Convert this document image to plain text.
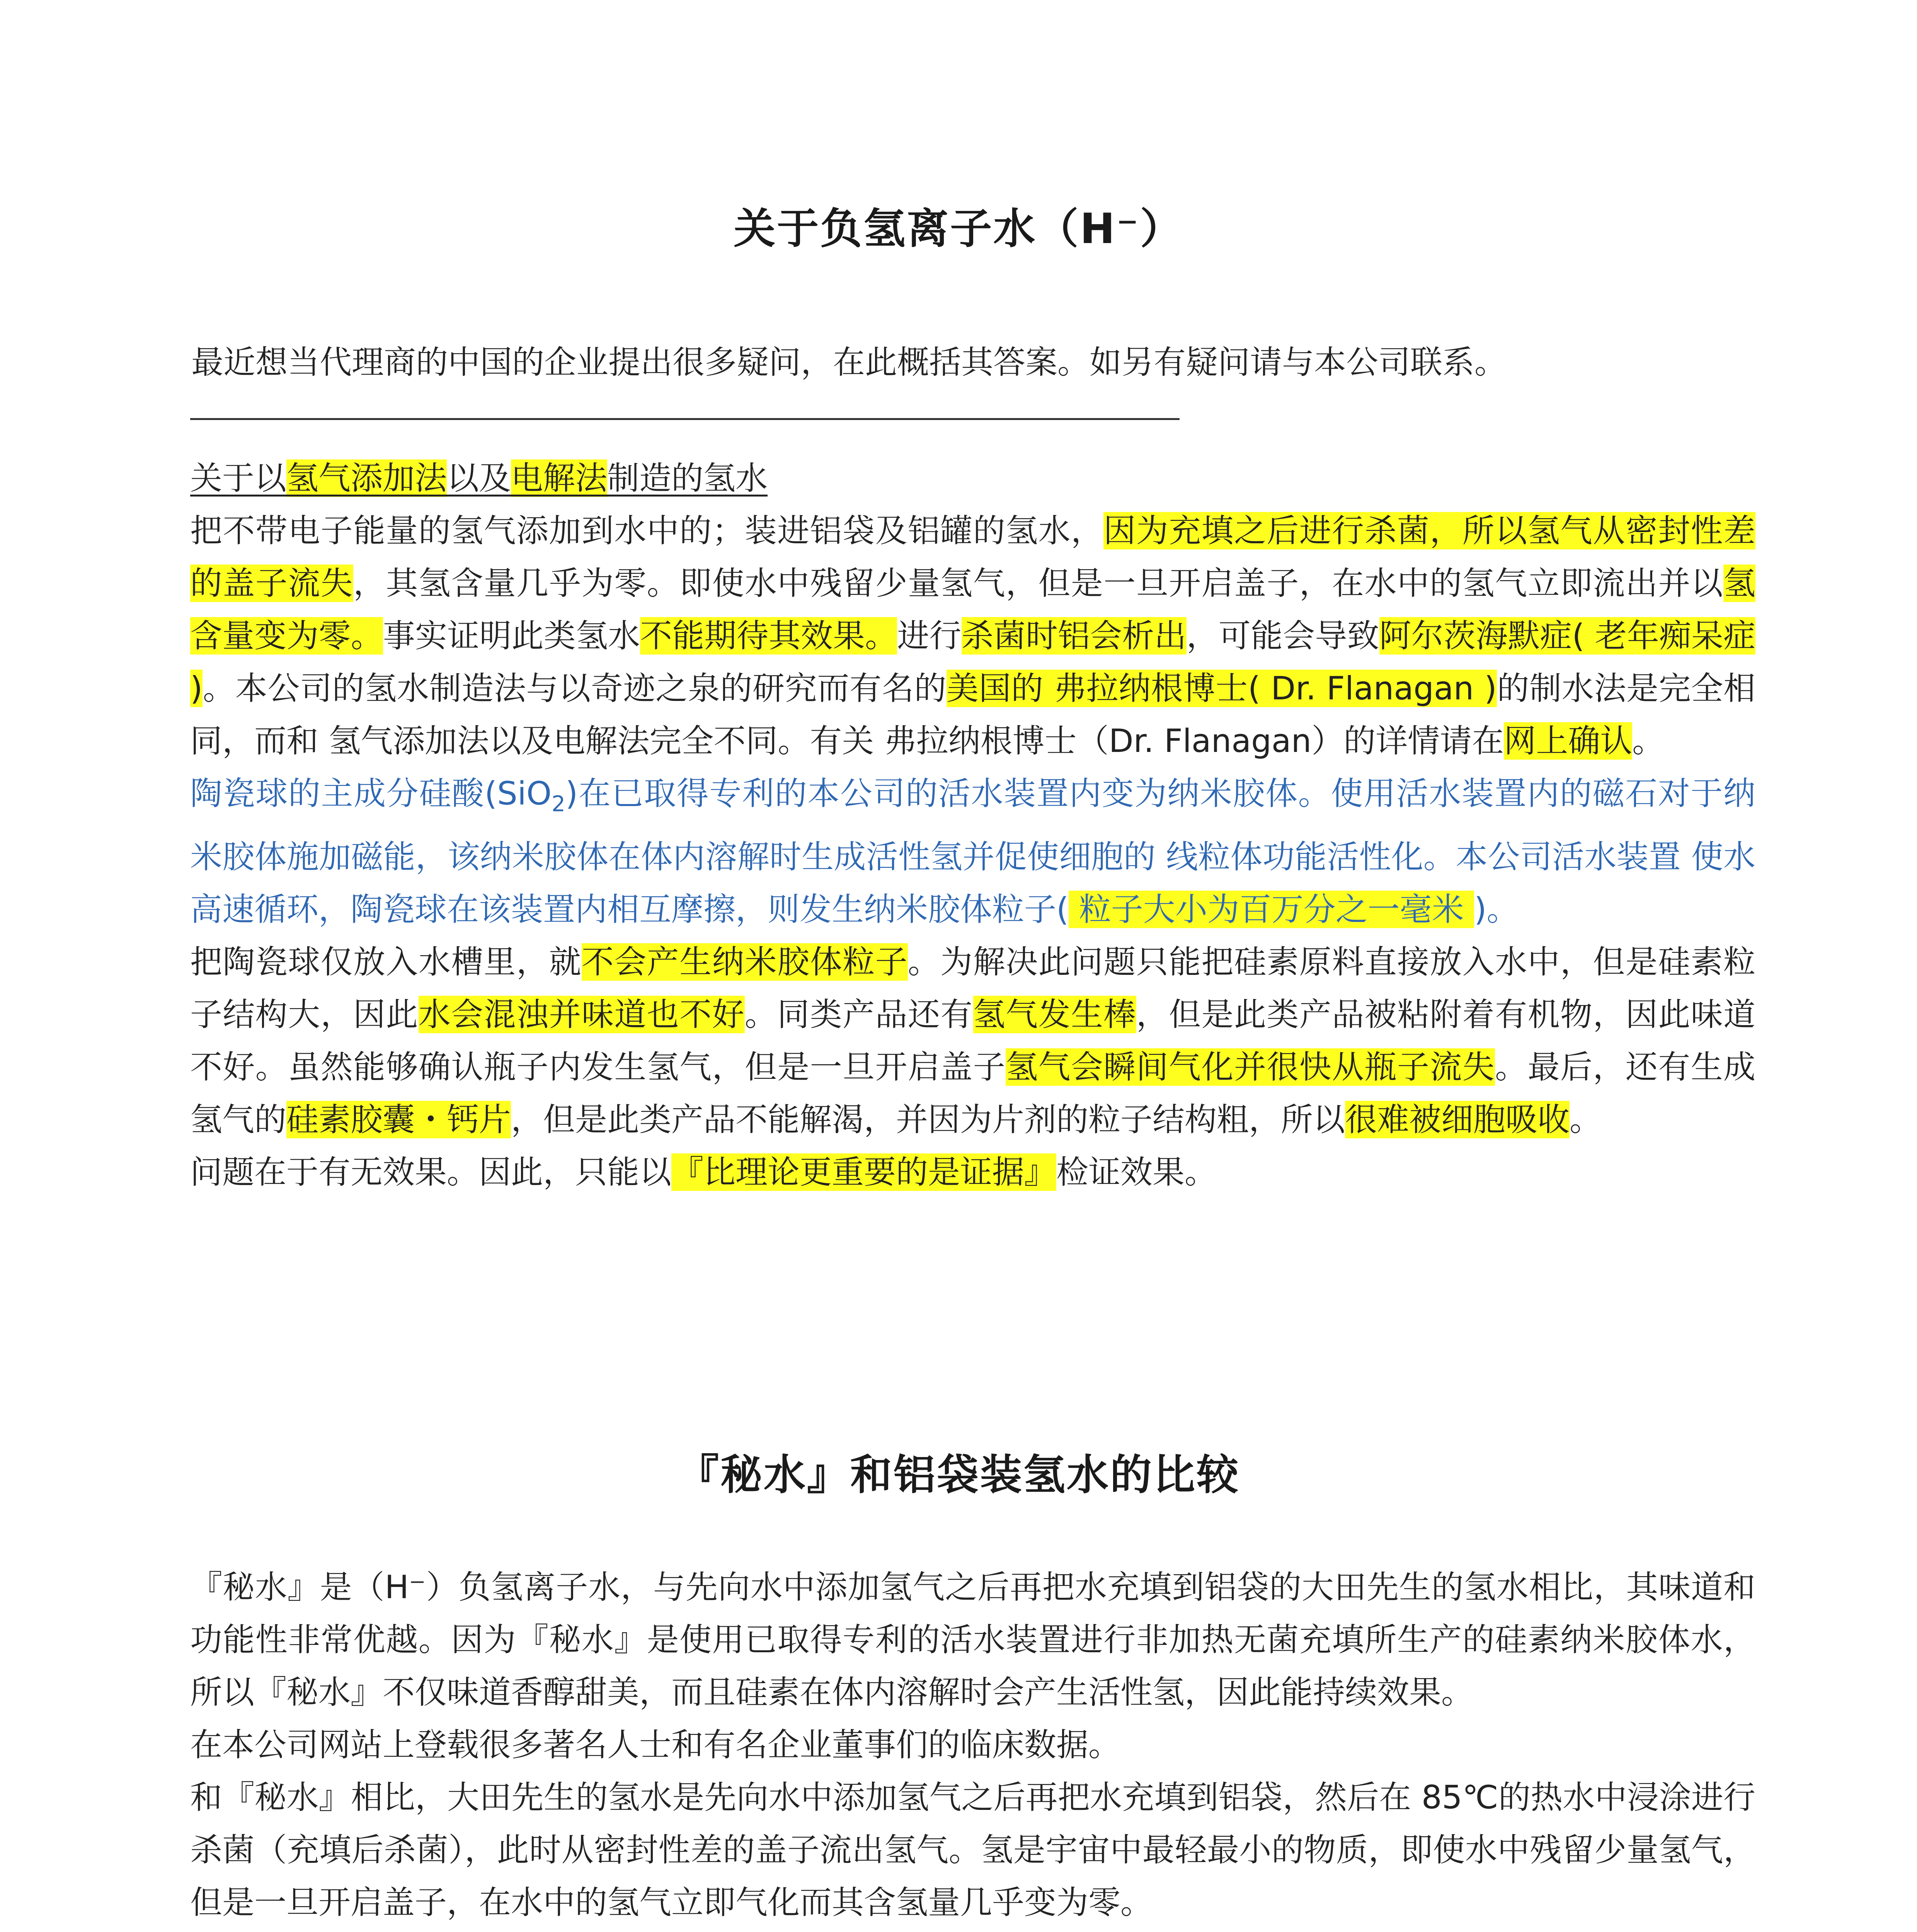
关于负氢离子水（H⁻）
最近想当代理商的中国的企业提出很多疑问，在此概括其答案。如另有疑问请与本公司联系。

关于以氢气添加法以及电解法制造的氢水

把不带电子能量的氢气添加到水中的；装进铝袋及铝罐的氢水，因为充填之后进行杀菌，所以氢气从密封性差的盖子流失，其氢含量几乎为零。即使水中残留少量氢气，但是一旦开启盖子，在水中的氢气立即流出并以氢含量变为零。事实证明此类氢水不能期待其效果。进行杀菌时铝会析出，可能会导致阿尔茨海默症( 老年痴呆症 )。本公司的氢水制造法与以奇迹之泉的研究而有名的美国的 弗拉纳根博士( Dr. Flanagan )的制水法是完全相同，而和 氢气添加法以及电解法完全不同。有关 弗拉纳根博士（Dr. Flanagan）的详情请在网上确认。

陶瓷球的主成分硅酸(SiO$_2$)在已取得专利的本公司的活水装置内变为纳米胶体。使用活水装置内的磁石对于纳米胶体施加磁能，该纳米胶体在体内溶解时生成活性氢并促使细胞的 线粒体功能活性化。本公司活水装置 使水高速循环，陶瓷球在该装置内相互摩擦，则发生纳米胶体粒子( 粒子大小为百万分之一毫米 )。

把陶瓷球仅放入水槽里，就不会产生纳米胶体粒子。为解决此问题只能把硅素原料直接放入水中，但是硅素粒子结构大，因此水会混浊并味道也不好。同类产品还有氢气发生棒，但是此类产品被粘附着有机物，因此味道不好。虽然能够确认瓶子内发生氢气，但是一旦开启盖子氢气会瞬间气化并很快从瓶子流失。最后，还有生成氢气的硅素胶囊・钙片，但是此类产品不能解渴，并因为片剂的粒子结构粗，所以很难被细胞吸收。

问题在于有无效果。因此，只能以『比理论更重要的是证据』检证效果。

『秘水』和铝袋装氢水的比较

『秘水』是（H⁻）负氢离子水，与先向水中添加氢气之后再把水充填到铝袋的大田先生的氢水相比，其味道和功能性非常优越。因为『秘水』是使用已取得专利的活水装置进行非加热无菌充填所生产的硅素纳米胶体水，所以『秘水』不仅味道香醇甜美，而且硅素在体内溶解时会产生活性氢，因此能持续效果。

在本公司网站上登载很多著名人士和有名企业董事们的临床数据。

和『秘水』相比，大田先生的氢水是先向水中添加氢气之后再把水充填到铝袋，然后在 85℃的热水中浸涂进行杀菌（充填后杀菌），此时从密封性差的盖子流出氢气。氢是宇宙中最轻最小的物质，即使水中残留少量氢气，但是一旦开启盖子，在水中的氢气立即气化而其含氢量几乎变为零。
